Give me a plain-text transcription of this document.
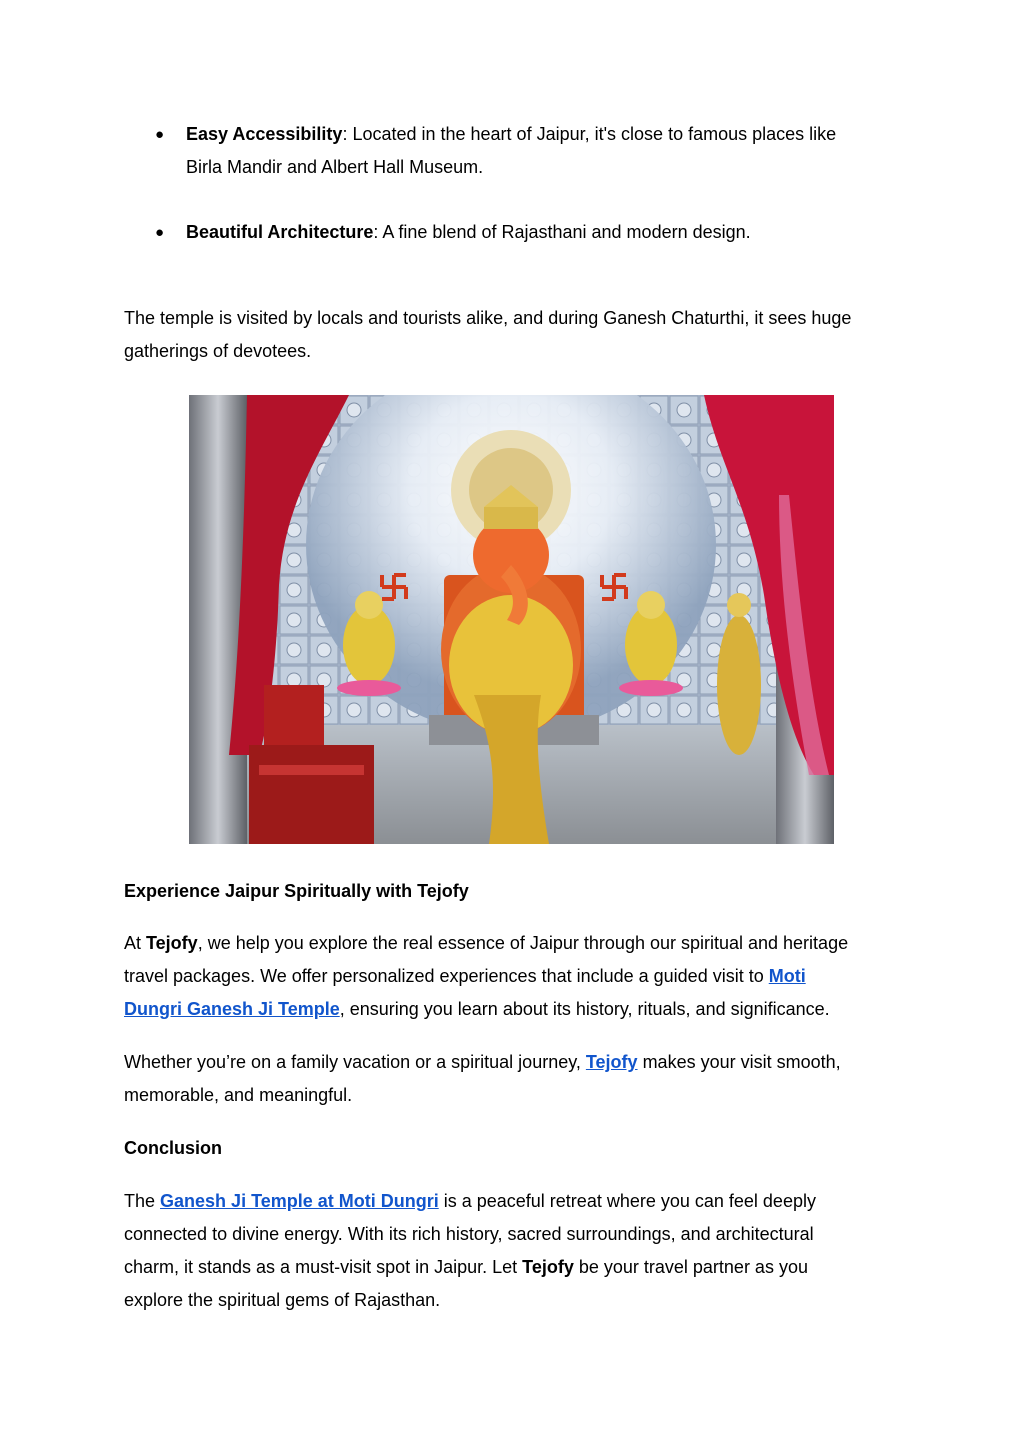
● Easy Accessibility: Located in the heart of Jaipur, it's close to famous places like
Birla Mandir and Albert Hall Museum.
● Beautiful Architecture: A fine blend of Rajasthani and modern design.
The temple is visited by locals and tourists alike, and during Ganesh Chaturthi, it sees huge
gatherings of devotees.
Experience Jaipur Spiritually with Tejofy
At Tejofy, we help you explore the real essence of Jaipur through our spiritual and heritage
travel packages. We offer personalized experiences that include a guided visit to Moti
Dungri Ganesh Ji Temple, ensuring you learn about its history, rituals, and significance.
Whether you’re on a family vacation or a spiritual journey, Tejofy makes your visit smooth,
memorable, and meaningful.
Conclusion
The Ganesh Ji Temple at Moti Dungri is a peaceful retreat where you can feel deeply
connected to divine energy. With its rich history, sacred surroundings, and architectural
charm, it stands as a must-visit spot in Jaipur. Let Tejofy be your travel partner as you
explore the spiritual gems of Rajasthan.
